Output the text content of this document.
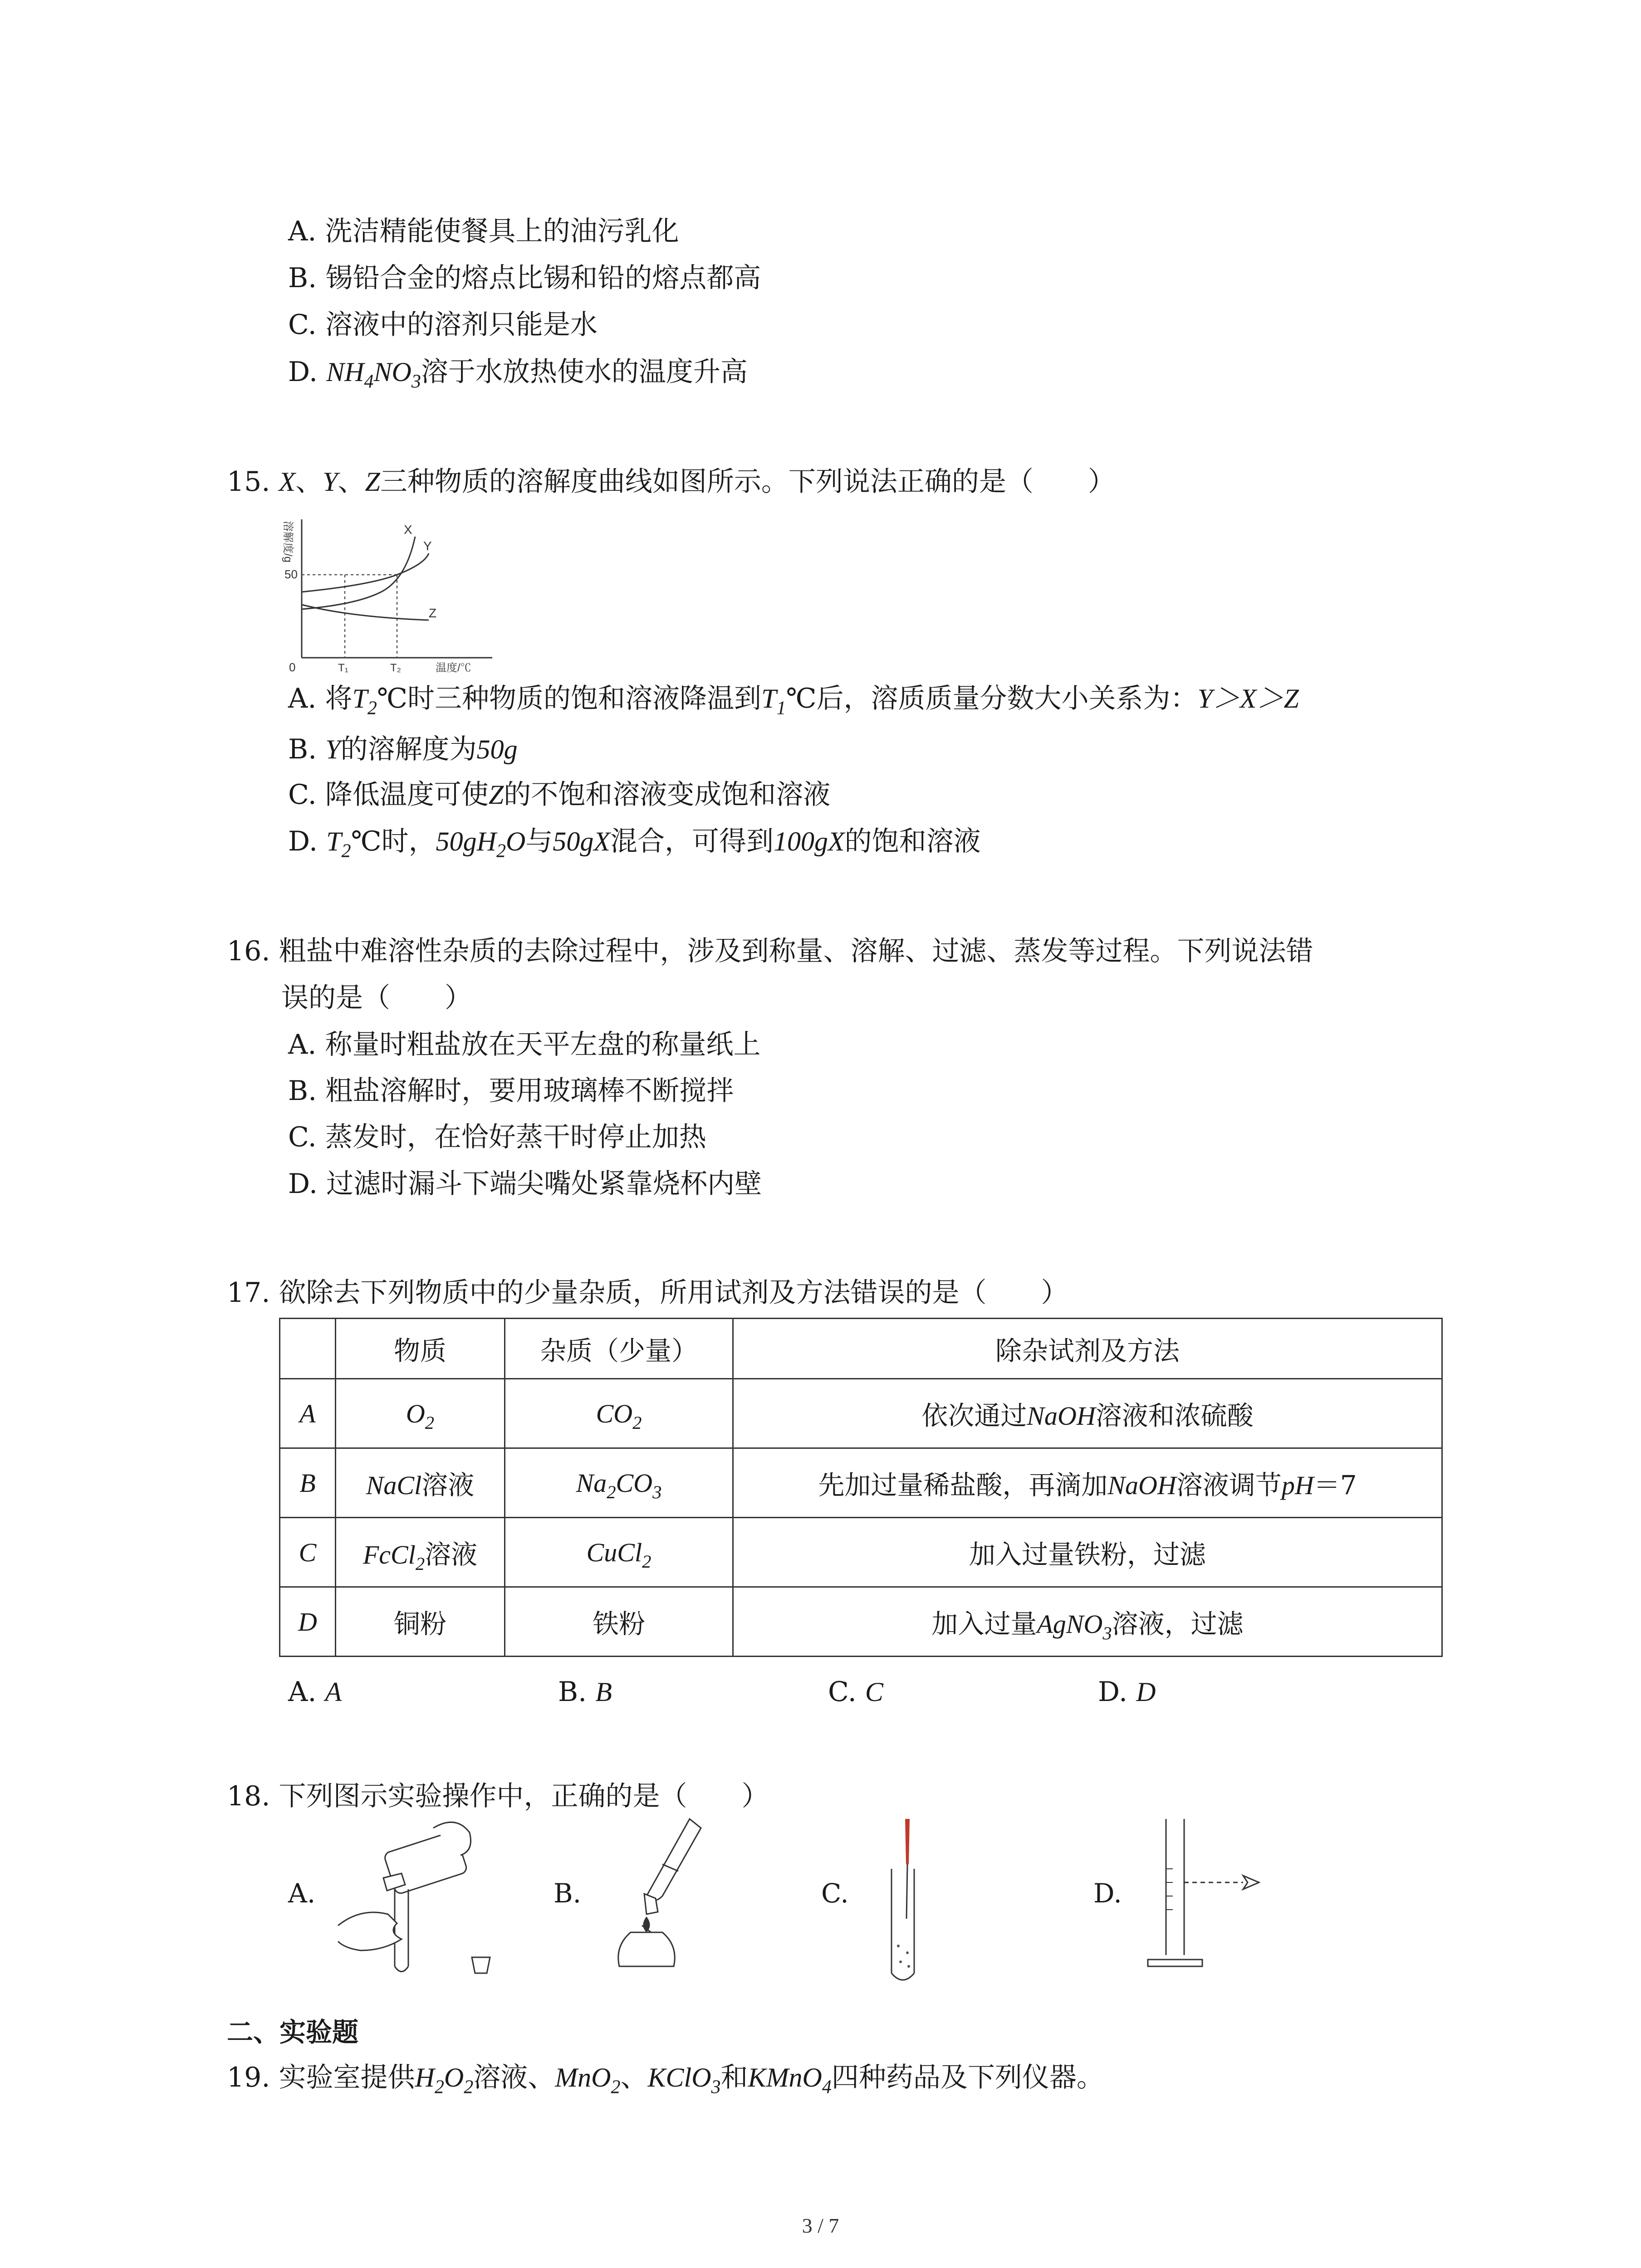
A. 洗洁精能使餐具上的油污乳化
B. 锡铅合金的熔点比锡和铅的熔点都高
C. 溶液中的溶剂只能是水
D. $NH_4NO_3$溶于水放热使水的温度升高
15. X、Y、Z三种物质的溶解度曲线如图所示。下列说法正确的是（　　）
溶解度/g
50
0
X
Y
Z
T₁	T₂	温度/℃
A. 将$T_2℃$时三种物质的饱和溶液降温到$T_1℃$后，溶质质量分数大小关系为：Y＞X＞Z
B. Y的溶解度为50g
C. 降低温度可使Z的不饱和溶液变成饱和溶液
D. $T_2℃$时，$50gH_2O$与50gX混合，可得到100gX的饱和溶液
16. 粗盐中难溶性杂质的去除过程中，涉及到称量、溶解、过滤、蒸发等过程。下列说法错
误的是（　　）
A. 称量时粗盐放在天平左盘的称量纸上
B. 粗盐溶解时，要用玻璃棒不断搅拌
C. 蒸发时，在恰好蒸干时停止加热
D. 过滤时漏斗下端尖嘴处紧靠烧杯内壁
17. 欲除去下列物质中的少量杂质，所用试剂及方法错误的是（　　）
	物质	杂质（少量）	除杂试剂及方法
A	$O_2$	$CO_2$	依次通过NaOH溶液和浓硫酸
B	NaCl溶液	$Na_2CO_3$	先加过量稀盐酸，再滴加NaOH溶液调节pH＝7
C	FcCl$_2$溶液	CuCl$_2$	加入过量铁粉，过滤
D	铜粉	铁粉	加入过量AgNO$_3$溶液，过滤
A. A	B. B	C. C	D. D
18. 下列图示实验操作中，正确的是（　　）
A.	B.	C.	D.
二、实验题
19. 实验室提供$H_2O_2$溶液、MnO$_2$、KClO$_3$和KMnO$_4$四种药品及下列仪器。
3 / 7
